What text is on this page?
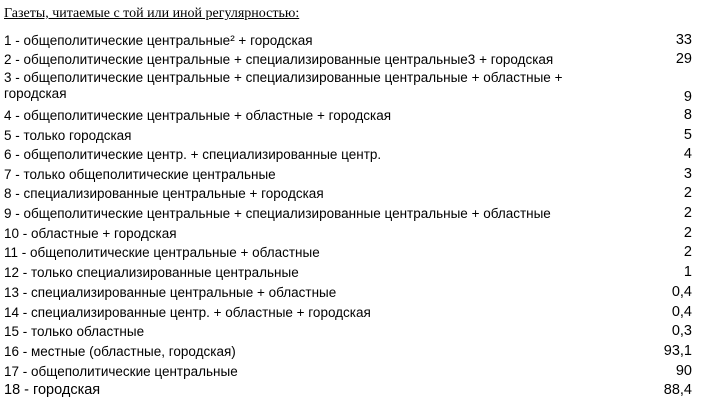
Газеты, читаемые с той или иной регулярностью:
1 - общеполитические центральные² + городская	33
2 - общеполитические центральные + специализированные центральные3 + городская	29
3 - общеполитические центральные + специализированные центральные + областные +
городская	9
4 - общеполитические центральные + областные + городская	8
5 - только городская	5
6 - общеполитические центр. + специализированные центр.	4
7 - только общеполитические центральные	3
8 - специализированные центральные + городская	2
9 - общеполитические центральные + специализированные центральные + областные	2
10 - областные + городская	2
11 - общеполитические центральные + областные	2
12 - только специализированные центральные	1
13 - специализированные центральные + областные	0,4
14 - специализированные центр. + областные + городская	0,4
15 - только областные	0,3
16 - местные (областные, городская)	93,1
17 - общеполитические центральные	90
18 - городская	88,4
